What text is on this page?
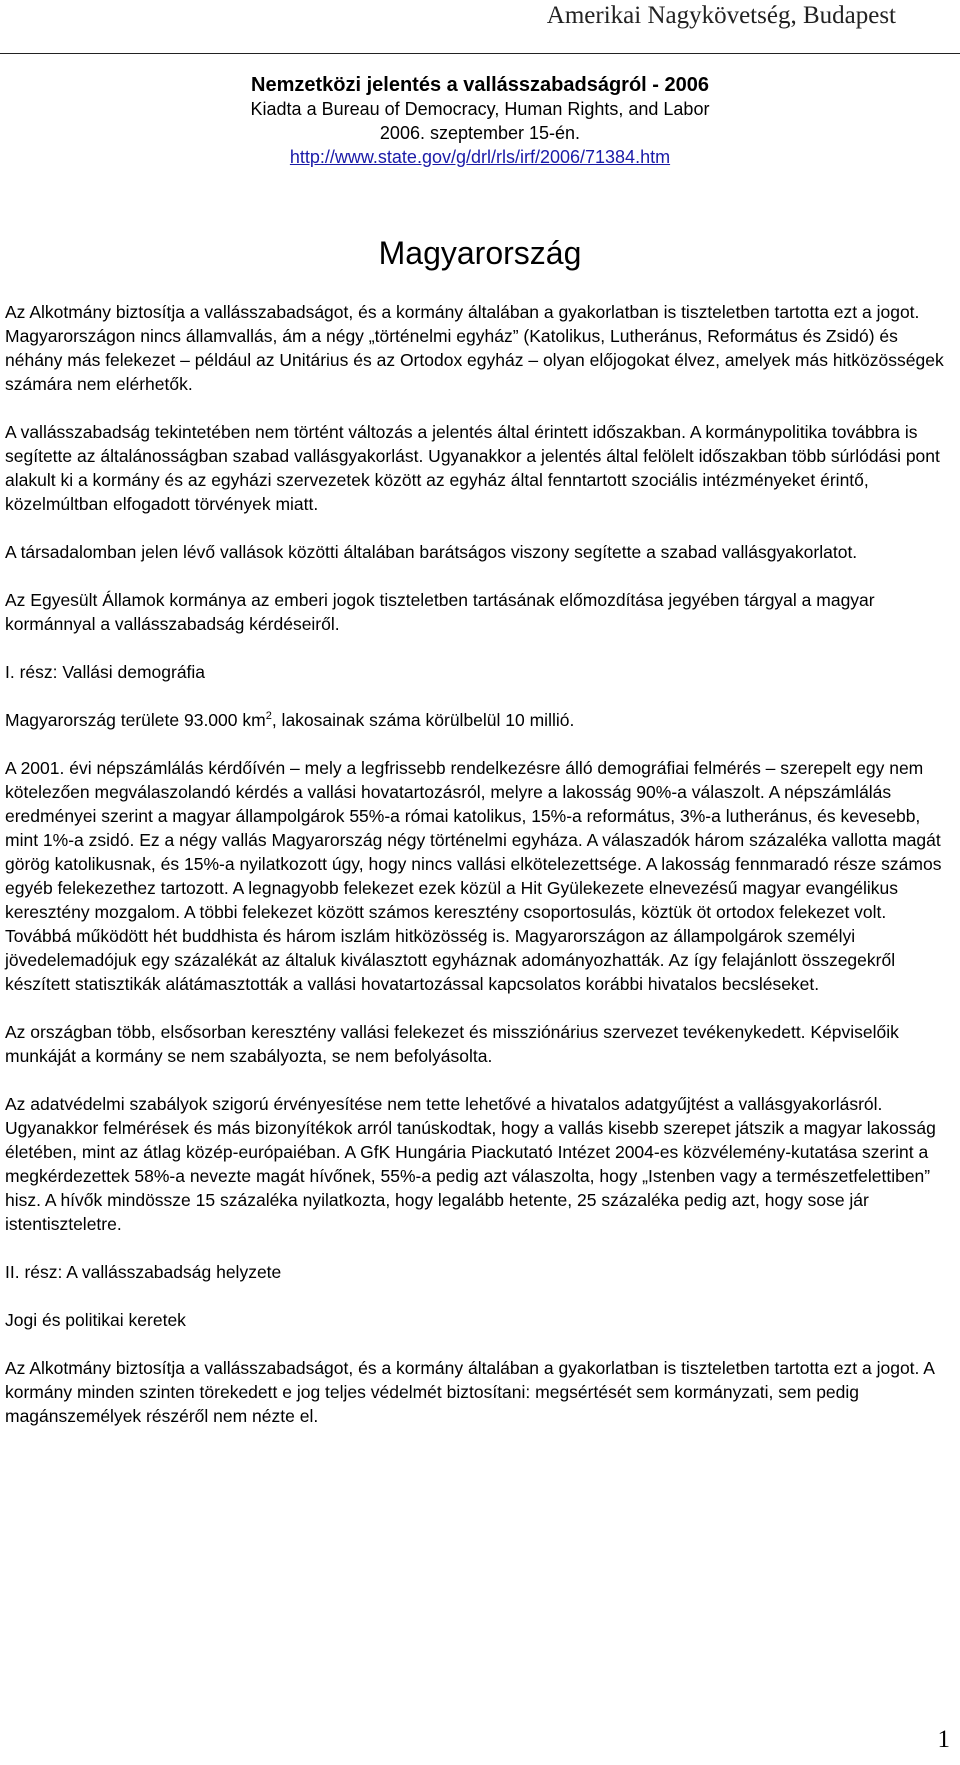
Amerikai Nagykövetség, Budapest

Nemzetközi jelentés a vallásszabadságról - 2006

Kiadta a Bureau of Democracy, Human Rights, and Labor

2006. szeptember 15-én.

http://www.state.gov/g/drl/rls/irf/2006/71384.htm

Magyarország

Az Alkotmány biztosítja a vallásszabadságot, és a kormány általában a gyakorlatban is tiszteletben tartotta ezt a jogot. Magyarországon nincs államvallás, ám a négy „történelmi egyház” (Katolikus, Lutheránus, Református és Zsidó) és néhány más felekezet – például az Unitárius és az Ortodox egyház – olyan előjogokat élvez, amelyek más hitközösségek számára nem elérhetők.

A vallásszabadság tekintetében nem történt változás a jelentés által érintett időszakban. A kormánypolitika továbbra is segítette az általánosságban szabad vallásgyakorlást. Ugyanakkor a jelentés által felölelt időszakban több súrlódási pont alakult ki a kormány és az egyházi szervezetek között az egyház által fenntartott szociális intézményeket érintő, közelmúltban elfogadott törvények miatt.

A társadalomban jelen lévő vallások közötti általában barátságos viszony segítette a szabad vallásgyakorlatot.

Az Egyesült Államok kormánya az emberi jogok tiszteletben tartásának előmozdítása jegyében tárgyal a magyar kormánnyal a vallásszabadság kérdéseiről.

I. rész: Vallási demográfia

Magyarország területe 93.000 $km^2$, lakosainak száma körülbelül 10 millió.

A 2001. évi népszámlálás kérdőívén – mely a legfrissebb rendelkezésre álló demográfiai felmérés – szerepelt egy nem kötelezően megválaszolandó kérdés a vallási hovatartozásról, melyre a lakosság 90%-a válaszolt. A népszámlálás eredményei szerint a magyar állampolgárok 55%-a római katolikus, 15%-a református, 3%-a lutheránus, és kevesebb, mint 1%-a zsidó. Ez a négy vallás Magyarország négy történelmi egyháza. A válaszadók három százaléka vallotta magát görög katolikusnak, és 15%-a nyilatkozott úgy, hogy nincs vallási elkötelezettsége. A lakosság fennmaradó része számos egyéb felekezethez tartozott. A legnagyobb felekezet ezek közül a Hit Gyülekezete elnevezésű magyar evangélikus keresztény mozgalom. A többi felekezet között számos keresztény csoportosulás, köztük öt ortodox felekezet volt. Továbbá működött hét buddhista és három iszlám hitközösség is. Magyarországon az állampolgárok személyi jövedelemadójuk egy százalékát az általuk kiválasztott egyháznak adományozhatták. Az így felajánlott összegekről készített statisztikák alátámasztották a vallási hovatartozással kapcsolatos korábbi hivatalos becsléseket.

Az országban több, elsősorban keresztény vallási felekezet és missziónárius szervezet tevékenykedett. Képviselőik munkáját a kormány se nem szabályozta, se nem befolyásolta.

Az adatvédelmi szabályok szigorú érvényesítése nem tette lehetővé a hivatalos adatgyűjtést a vallásgyakorlásról. Ugyanakkor felmérések és más bizonyítékok arról tanúskodtak, hogy a vallás kisebb szerepet játszik a magyar lakosság életében, mint az átlag közép-európaiéban. A GfK Hungária Piackutató Intézet 2004-es közvélemény-kutatása szerint a megkérdezettek 58%-a nevezte magát hívőnek, 55%-a pedig azt válaszolta, hogy „Istenben vagy a természetfelettiben” hisz. A hívők mindössze 15 százaléka nyilatkozta, hogy legalább hetente, 25 százaléka pedig azt, hogy sose jár istentiszteletre.

II. rész: A vallásszabadság helyzete

Jogi és politikai keretek

Az Alkotmány biztosítja a vallásszabadságot, és a kormány általában a gyakorlatban is tiszteletben tartotta ezt a jogot. A kormány minden szinten törekedett e jog teljes védelmét biztosítani: megsértését sem kormányzati, sem pedig magánszemélyek részéről nem nézte el.

1
